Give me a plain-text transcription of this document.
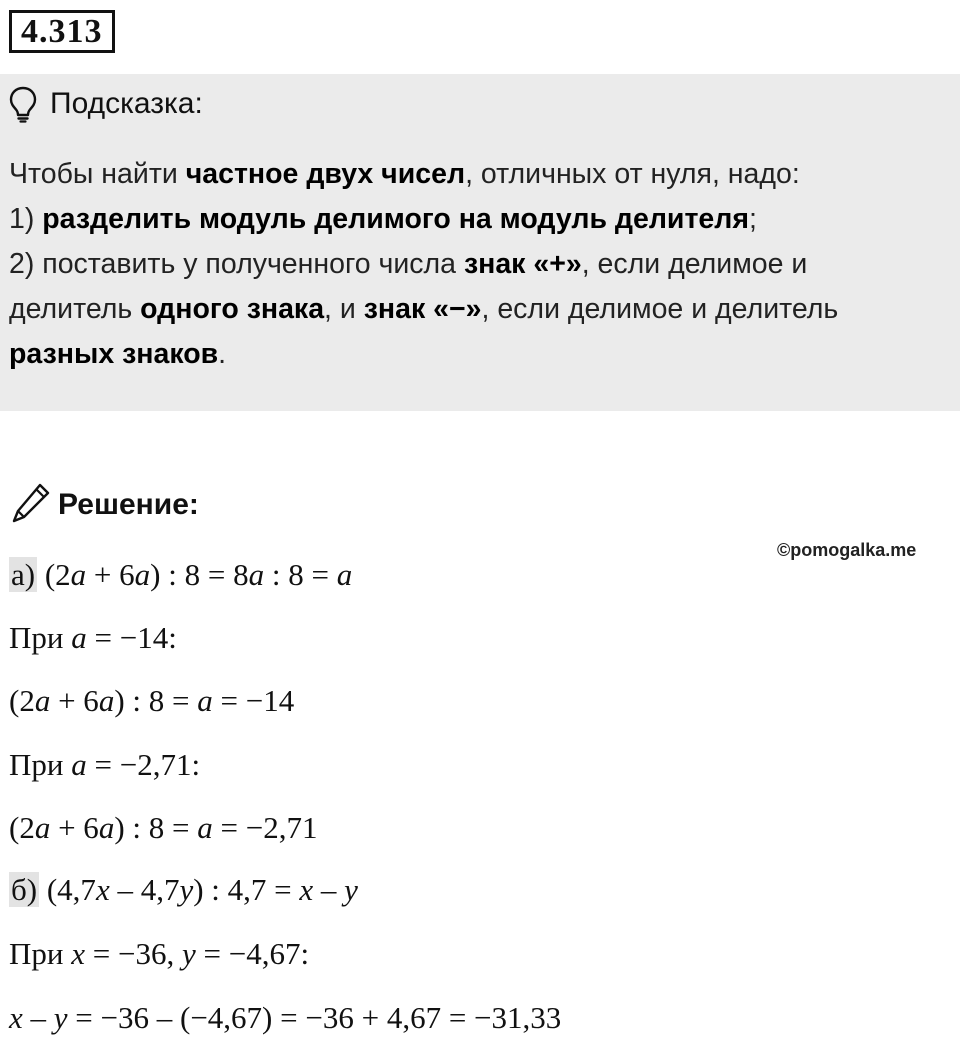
4.313
Подсказка:
Чтобы найти частное двух чисел, отличных от нуля, надо:
1) разделить модуль делимого на модуль делителя;
2) поставить у полученного числа знак «+», если делимое и
делитель одного знака, и знак «−», если делимое и делитель
разных знаков.
Решение:
©pomogalka.me
а) (2a + 6a) : 8 = 8a : 8 = a
При a = −14:
(2a + 6a) : 8 = a = −14
При a = −2,71:
(2a + 6a) : 8 = a = −2,71
б) (4,7x – 4,7y) : 4,7 = x – y
При x = −36, y = −4,67:
x – y = −36 – (−4,67) = −36 + 4,67 = −31,33
